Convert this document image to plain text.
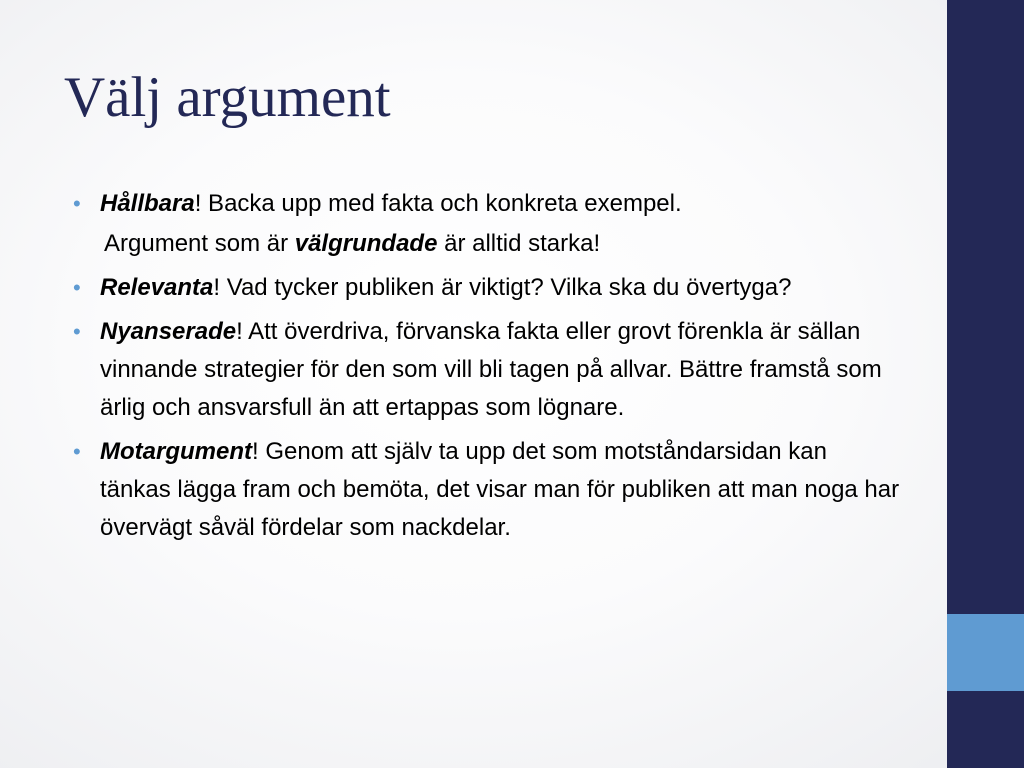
Välj argument
• Hållbara! Backa upp med fakta och konkreta exempel.
Argument som är välgrundade är alltid starka!
• Relevanta! Vad tycker publiken är viktigt? Vilka ska du övertyga?
• Nyanserade! Att överdriva, förvanska fakta eller grovt förenkla är sällan vinnande strategier för den som vill bli tagen på allvar. Bättre framstå som ärlig och ansvarsfull än att ertappas som lögnare.
• Motargument! Genom att själv ta upp det som motståndarsidan kan tänkas lägga fram och bemöta, det visar man för publiken att man noga har övervägt såväl fördelar som nackdelar.
